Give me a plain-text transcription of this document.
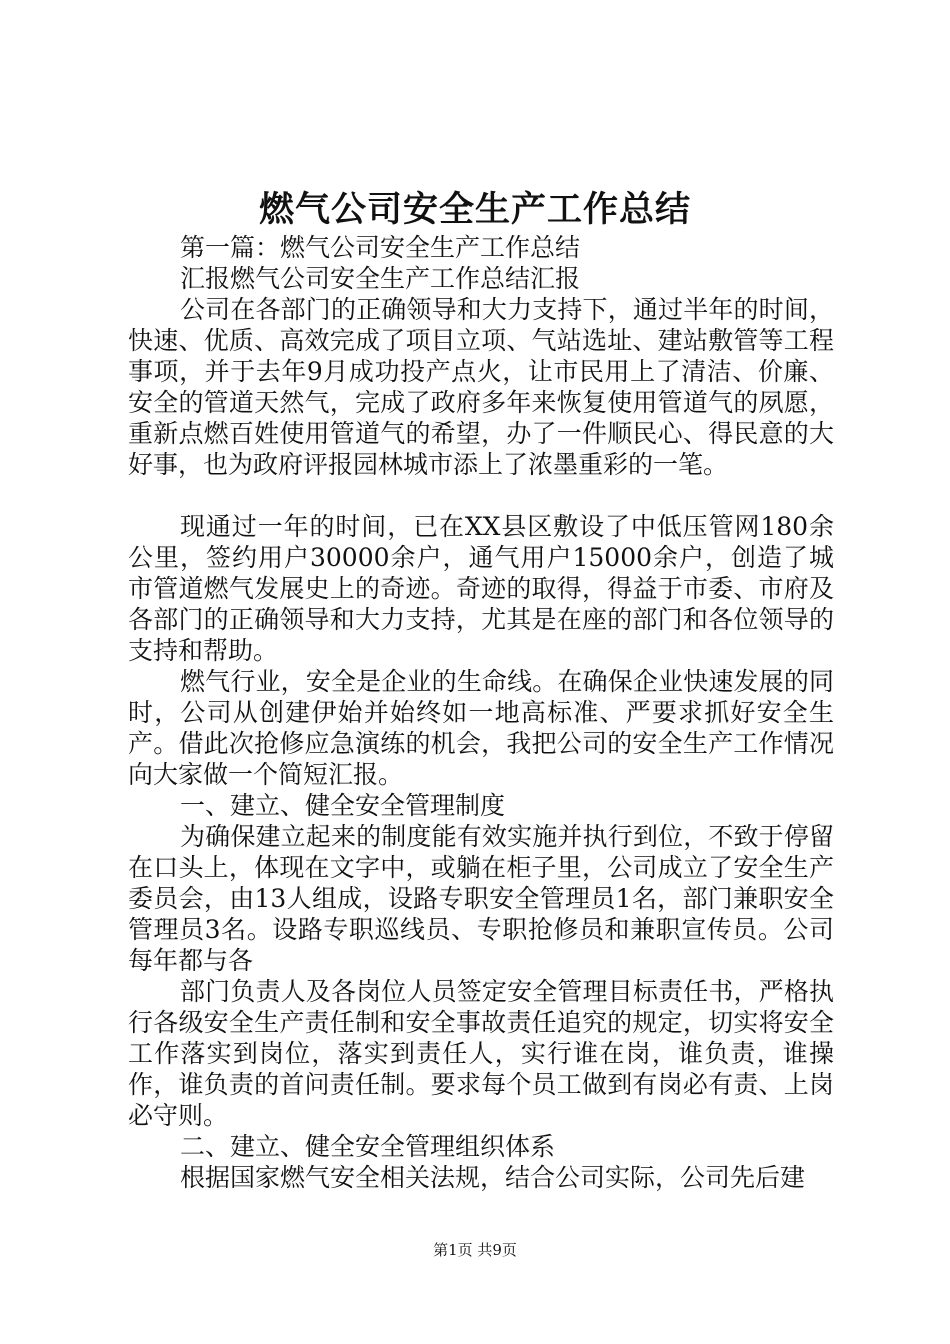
燃气公司安全生产工作总结

第一篇：燃气公司安全生产工作总结

汇报燃气公司安全生产工作总结汇报

公司在各部门的正确领导和大力支持下，通过半年的时间，快速、优质、高效完成了项目立项、气站选址、建站敷管等工程事项，并于去年9月成功投产点火，让市民用上了清洁、价廉、安全的管道天然气，完成了政府多年来恢复使用管道气的夙愿，重新点燃百姓使用管道气的希望，办了一件顺民心、得民意的大好事，也为政府评报园林城市添上了浓墨重彩的一笔。

现通过一年的时间，已在XX县区敷设了中低压管网180余公里，签约用户30000余户，通气用户15000余户，创造了城市管道燃气发展史上的奇迹。奇迹的取得，得益于市委、市府及各部门的正确领导和大力支持，尤其是在座的部门和各位领导的支持和帮助。

燃气行业，安全是企业的生命线。在确保企业快速发展的同时，公司从创建伊始并始终如一地高标准、严要求抓好安全生产。借此次抢修应急演练的机会，我把公司的安全生产工作情况向大家做一个简短汇报。

一、建立、健全安全管理制度

为确保建立起来的制度能有效实施并执行到位，不致于停留在口头上，体现在文字中，或躺在柜子里，公司成立了安全生产委员会，由13人组成，设路专职安全管理员1名，部门兼职安全管理员3名。设路专职巡线员、专职抢修员和兼职宣传员。公司每年都与各

部门负责人及各岗位人员签定安全管理目标责任书，严格执行各级安全生产责任制和安全事故责任追究的规定，切实将安全工作落实到岗位，落实到责任人，实行谁在岗，谁负责，谁操作，谁负责的首问责任制。要求每个员工做到有岗必有责、上岗必守则。

二、建立、健全安全管理组织体系

根据国家燃气安全相关法规，结合公司实际，公司先后建

第1页 共9页
